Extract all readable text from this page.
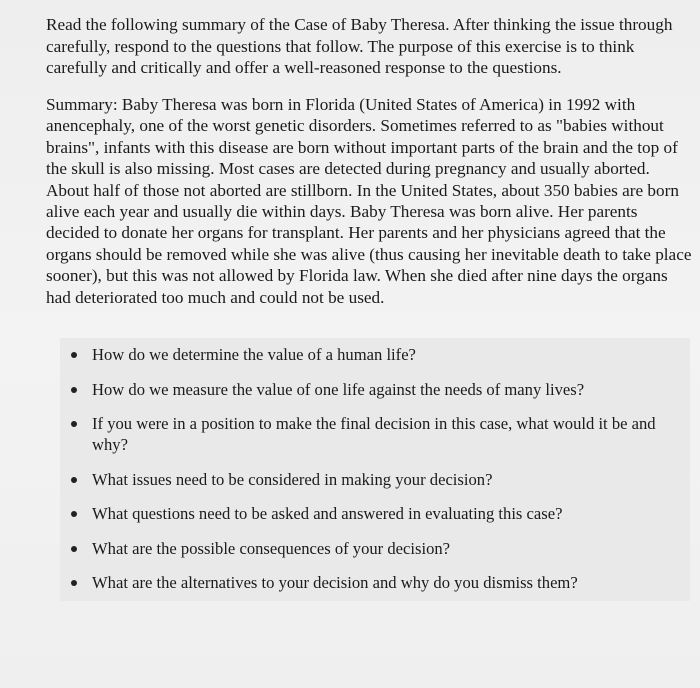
Read the following summary of the Case of Baby Theresa. After thinking the issue through carefully, respond to the questions that follow. The purpose of this exercise is to think carefully and critically and offer a well-reasoned response to the questions.

Summary: Baby Theresa was born in Florida (United States of America) in 1992 with anencephaly, one of the worst genetic disorders. Sometimes referred to as "babies without brains", infants with this disease are born without important parts of the brain and the top of the skull is also missing. Most cases are detected during pregnancy and usually aborted. About half of those not aborted are stillborn. In the United States, about 350 babies are born alive each year and usually die within days. Baby Theresa was born alive. Her parents decided to donate her organs for transplant. Her parents and her physicians agreed that the organs should be removed while she was alive (thus causing her inevitable death to take place sooner), but this was not allowed by Florida law. When she died after nine days the organs had deteriorated too much and could not be used.

How do we determine the value of a human life?
How do we measure the value of one life against the needs of many lives?
If you were in a position to make the final decision in this case, what would it be and why?
What issues need to be considered in making your decision?
What questions need to be asked and answered in evaluating this case?
What are the possible consequences of your decision?
What are the alternatives to your decision and why do you dismiss them?
